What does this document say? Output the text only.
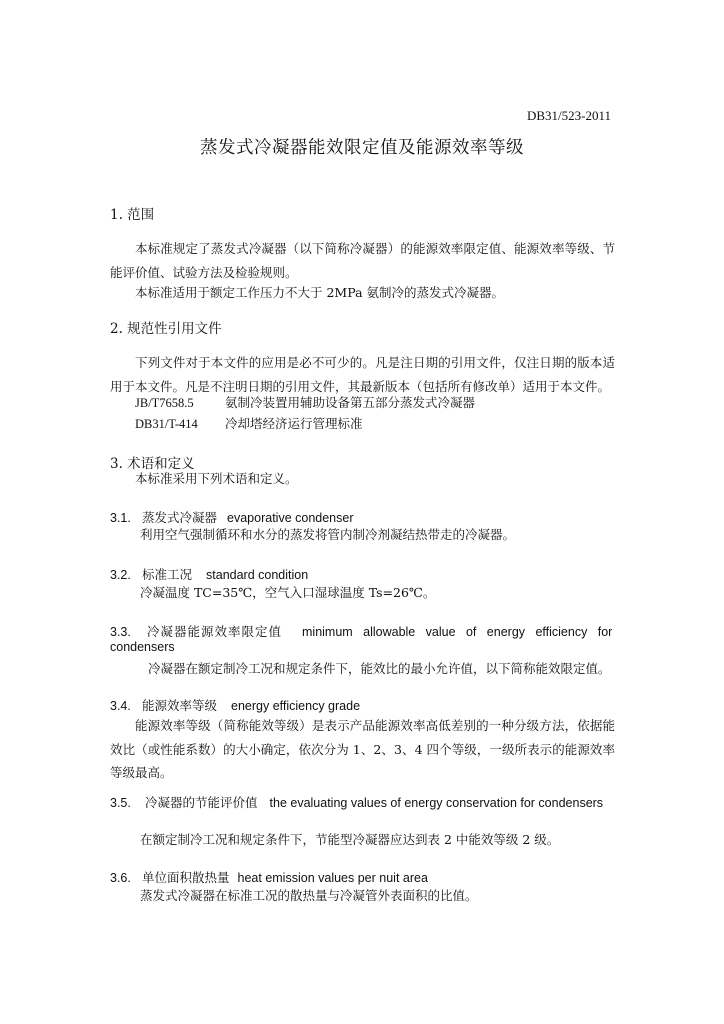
DB31/523-2011
蒸发式冷凝器能效限定值及能源效率等级
1. 范围
本标准规定了蒸发式冷凝器（以下简称冷凝器）的能源效率限定值、能源效率等级、节能评价值、试验方法及检验规则。
本标准适用于额定工作压力不大于 2MPa 氨制冷的蒸发式冷凝器。
2. 规范性引用文件
下列文件对于本文件的应用是必不可少的。凡是注日期的引用文件，仅注日期的版本适用于本文件。凡是不注明日期的引用文件，其最新版本（包括所有修改单）适用于本文件。
JB/T7658.5	氨制冷装置用辅助设备第五部分蒸发式冷凝器
DB31/T-414 冷却塔经济运行管理标准
3. 术语和定义
本标准采用下列术语和定义。
3.1. 蒸发式冷凝器 evaporative condenser
利用空气强制循环和水分的蒸发将管内制冷剂凝结热带走的冷凝器。
3.2. 标准工况 standard condition
冷凝温度 TC=35℃，空气入口湿球温度 Ts=26℃。
3.3. 冷凝器能源效率限定值 minimum   allowable   value   of   energy   efficiency   for
condensers
冷凝器在额定制冷工况和规定条件下，能效比的最小允许值，以下简称能效限定值。
3.4. 能源效率等级 energy efficiency grade
能源效率等级（简称能效等级）是表示产品能源效率高低差别的一种分级方法，依据能效比（或性能系数）的大小确定，依次分为 1、2、3、4 四个等级，一级所表示的能源效率等级最高。
3.5. 冷凝器的节能评价值 the evaluating values of energy conservation for condensers
在额定制冷工况和规定条件下，节能型冷凝器应达到表 2 中能效等级 2 级。
3.6. 单位面积散热量 heat emission values per nuit area
蒸发式冷凝器在标准工况的散热量与冷凝管外表面积的比值。
